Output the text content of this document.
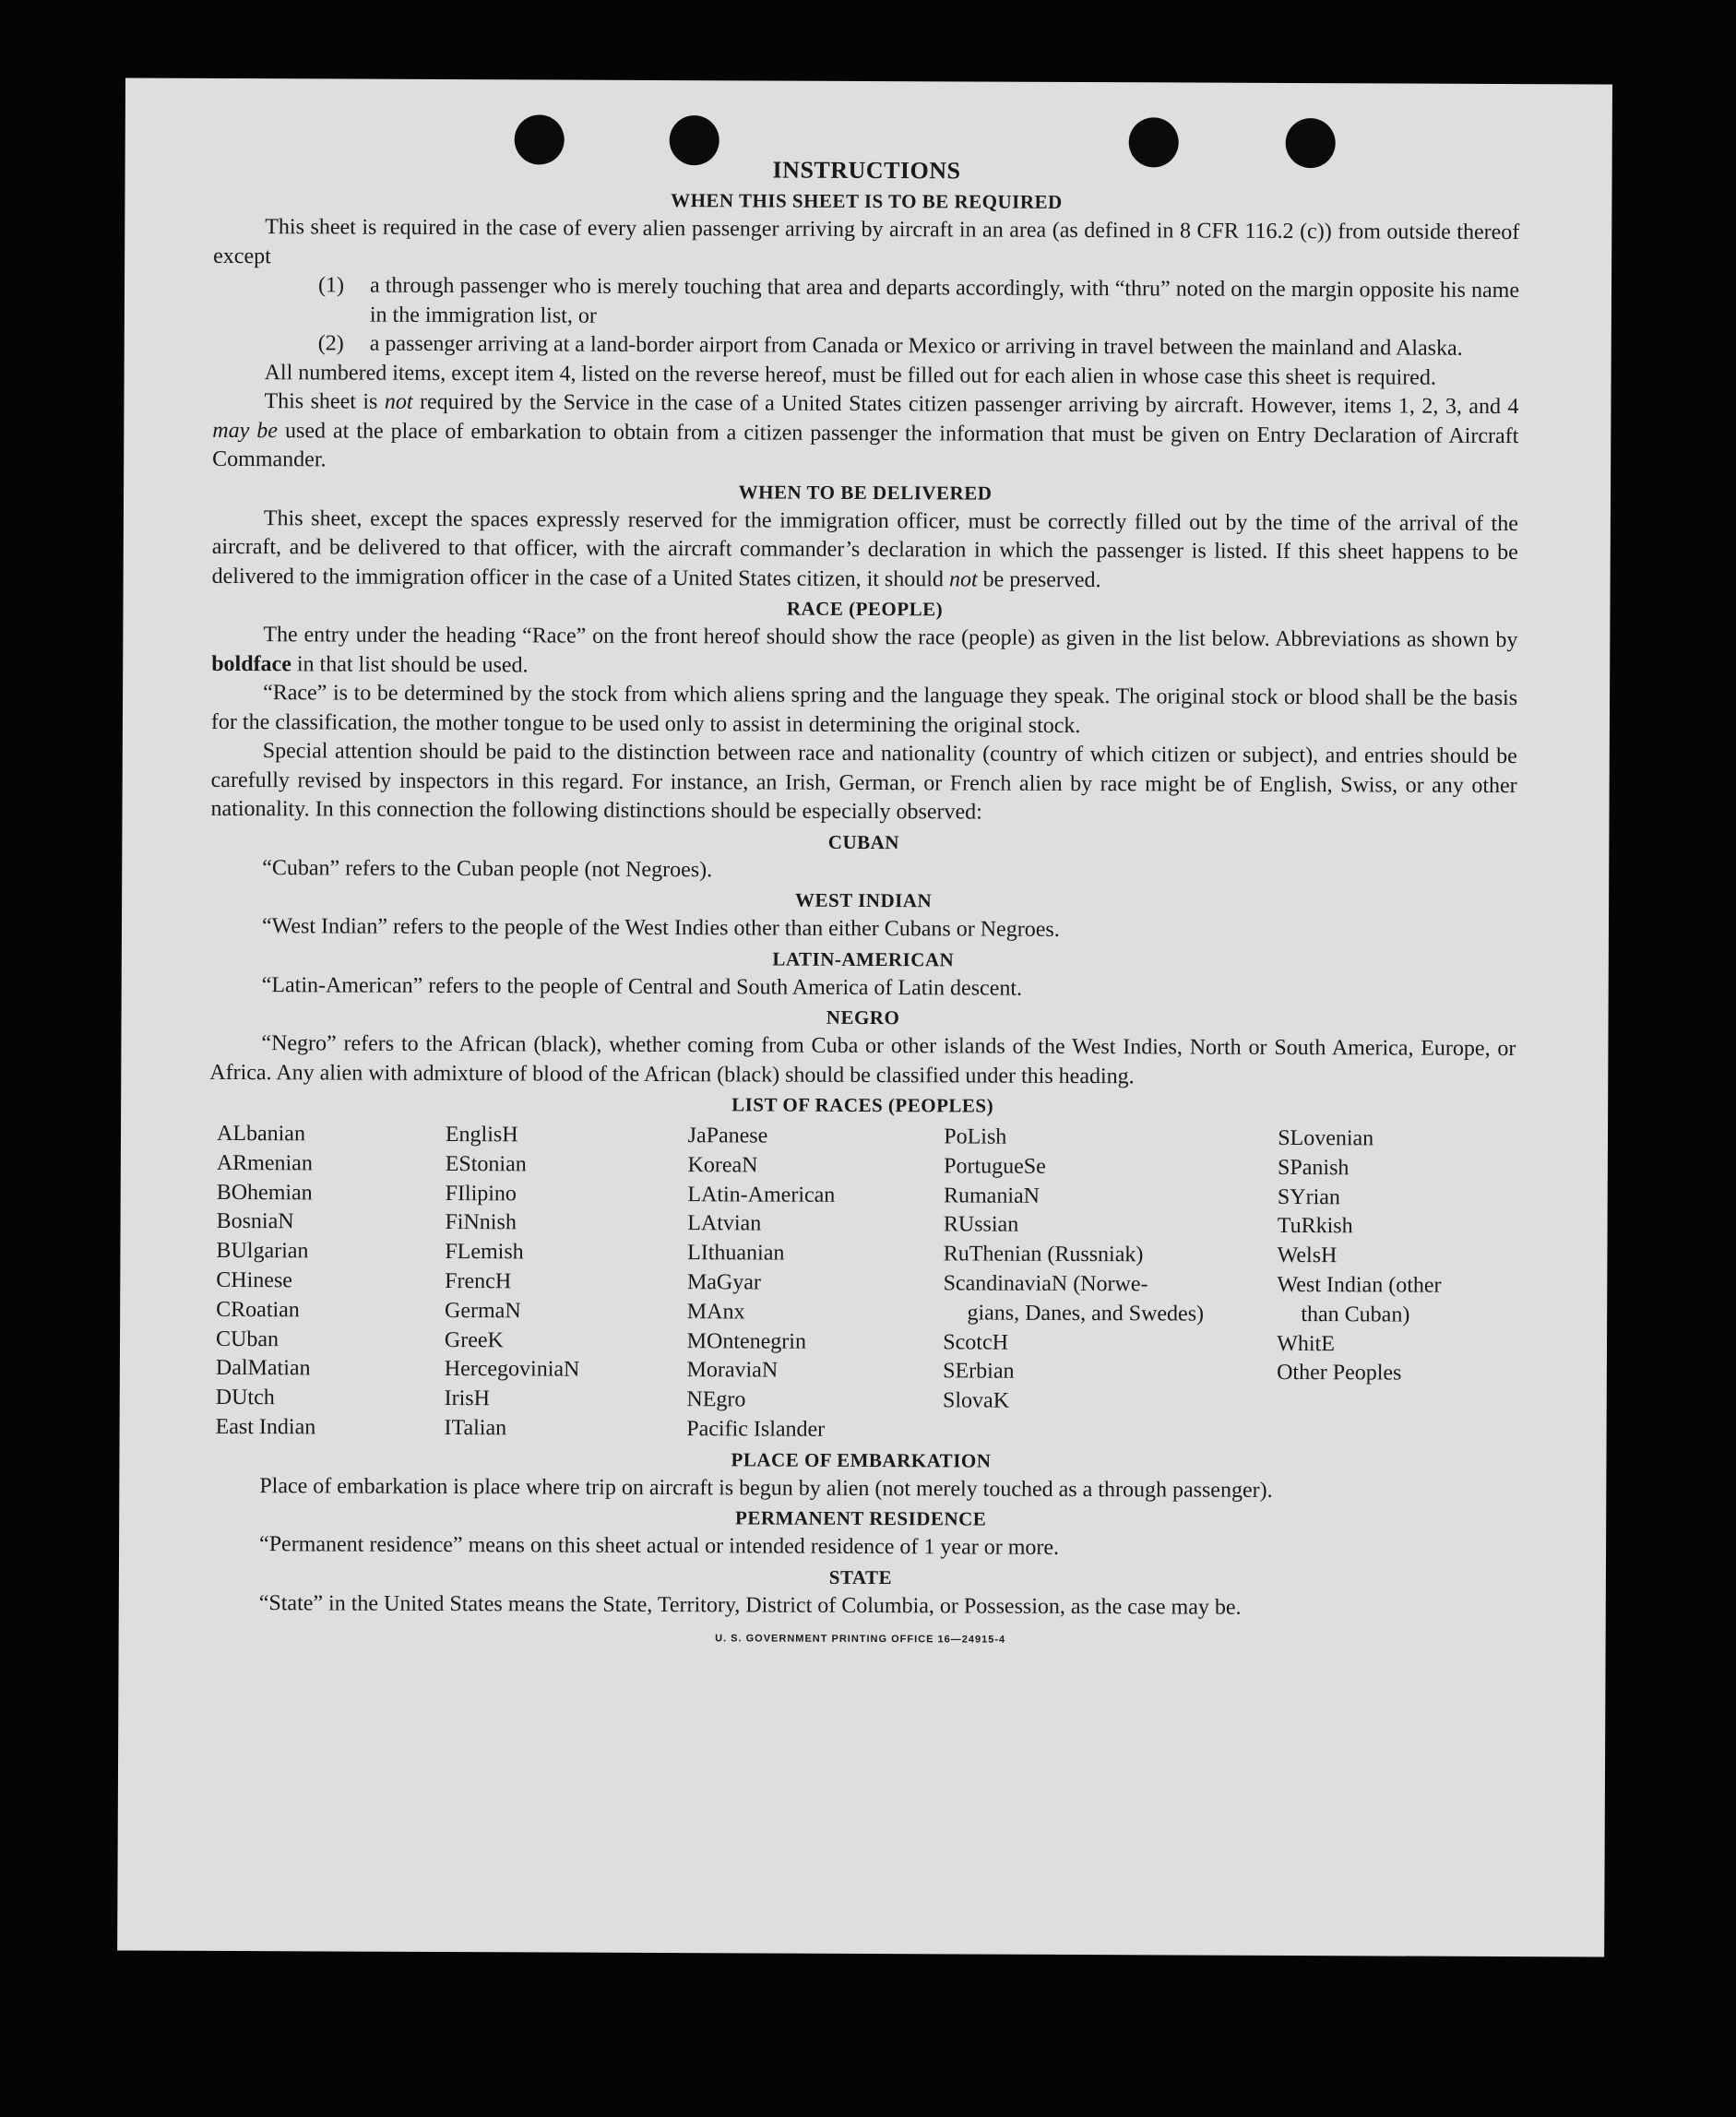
INSTRUCTIONS
WHEN THIS SHEET IS TO BE REQUIRED

This sheet is required in the case of every alien passenger arriving by aircraft in an area (as defined in 8 CFR 116.2 (c)) from outside thereof except

(1) a through passenger who is merely touching that area and departs accordingly, with “thru” noted on the margin opposite his name in the immigration list, or
(2) a passenger arriving at a land-border airport from Canada or Mexico or arriving in travel between the mainland and Alaska.

All numbered items, except item 4, listed on the reverse hereof, must be filled out for each alien in whose case this sheet is required.

This sheet is not required by the Service in the case of a United States citizen passenger arriving by aircraft. However, items 1, 2, 3, and 4 may be used at the place of embarkation to obtain from a citizen passenger the information that must be given on Entry Declaration of Aircraft Commander.

WHEN TO BE DELIVERED

This sheet, except the spaces expressly reserved for the immigration officer, must be correctly filled out by the time of the arrival of the aircraft, and be delivered to that officer, with the aircraft commander’s declaration in which the passenger is listed. If this sheet happens to be delivered to the immigration officer in the case of a United States citizen, it should not be preserved.

RACE (PEOPLE)

The entry under the heading “Race” on the front hereof should show the race (people) as given in the list below. Abbreviations as shown by boldface in that list should be used.

“Race” is to be determined by the stock from which aliens spring and the language they speak. The original stock or blood shall be the basis for the classification, the mother tongue to be used only to assist in determining the original stock.

Special attention should be paid to the distinction between race and nationality (country of which citizen or subject), and entries should be carefully revised by inspectors in this regard. For instance, an Irish, German, or French alien by race might be of English, Swiss, or any other nationality. In this connection the following distinctions should be especially observed:

CUBAN

“Cuban” refers to the Cuban people (not Negroes).

WEST INDIAN

“West Indian” refers to the people of the West Indies other than either Cubans or Negroes.

LATIN-AMERICAN

“Latin-American” refers to the people of Central and South America of Latin descent.

NEGRO

“Negro” refers to the African (black), whether coming from Cuba or other islands of the West Indies, North or South America, Europe, or Africa. Any alien with admixture of blood of the African (black) should be classified under this heading.

LIST OF RACES (PEOPLES)
ALbanian
ARmenian
BOhemian
BosniaN
BUlgarian
CHinese
CRoatian
CUban
DalMatian
DUtch
East Indian
EnglisH
EStonian
FIlipino
FiNnish
FLemish
FrencH
GermaN
GreeK
HercegoviniaN
IrisH
ITalian
JaPanese
KoreaN
LAtin-American
LAtvian
LIthuanian
MaGyar
MAnx
MOntenegrin
MoraviaN
NEgro
Pacific Islander
PoLish
PortugueSe
RumaniaN
RUssian
RuThenian (Russniak)
ScandinaviaN (Norwe-
gians, Danes, and Swedes)
ScotcH
SErbian
SlovaK
SLovenian
SPanish
SYrian
TuRkish
WelsH
West Indian (other
than Cuban)
WhitE
Other Peoples
PLACE OF EMBARKATION

Place of embarkation is place where trip on aircraft is begun by alien (not merely touched as a through passenger).

PERMANENT RESIDENCE

“Permanent residence” means on this sheet actual or intended residence of 1 year or more.

STATE

“State” in the United States means the State, Territory, District of Columbia, or Possession, as the case may be.

U. S. GOVERNMENT PRINTING OFFICE 16—24915-4
